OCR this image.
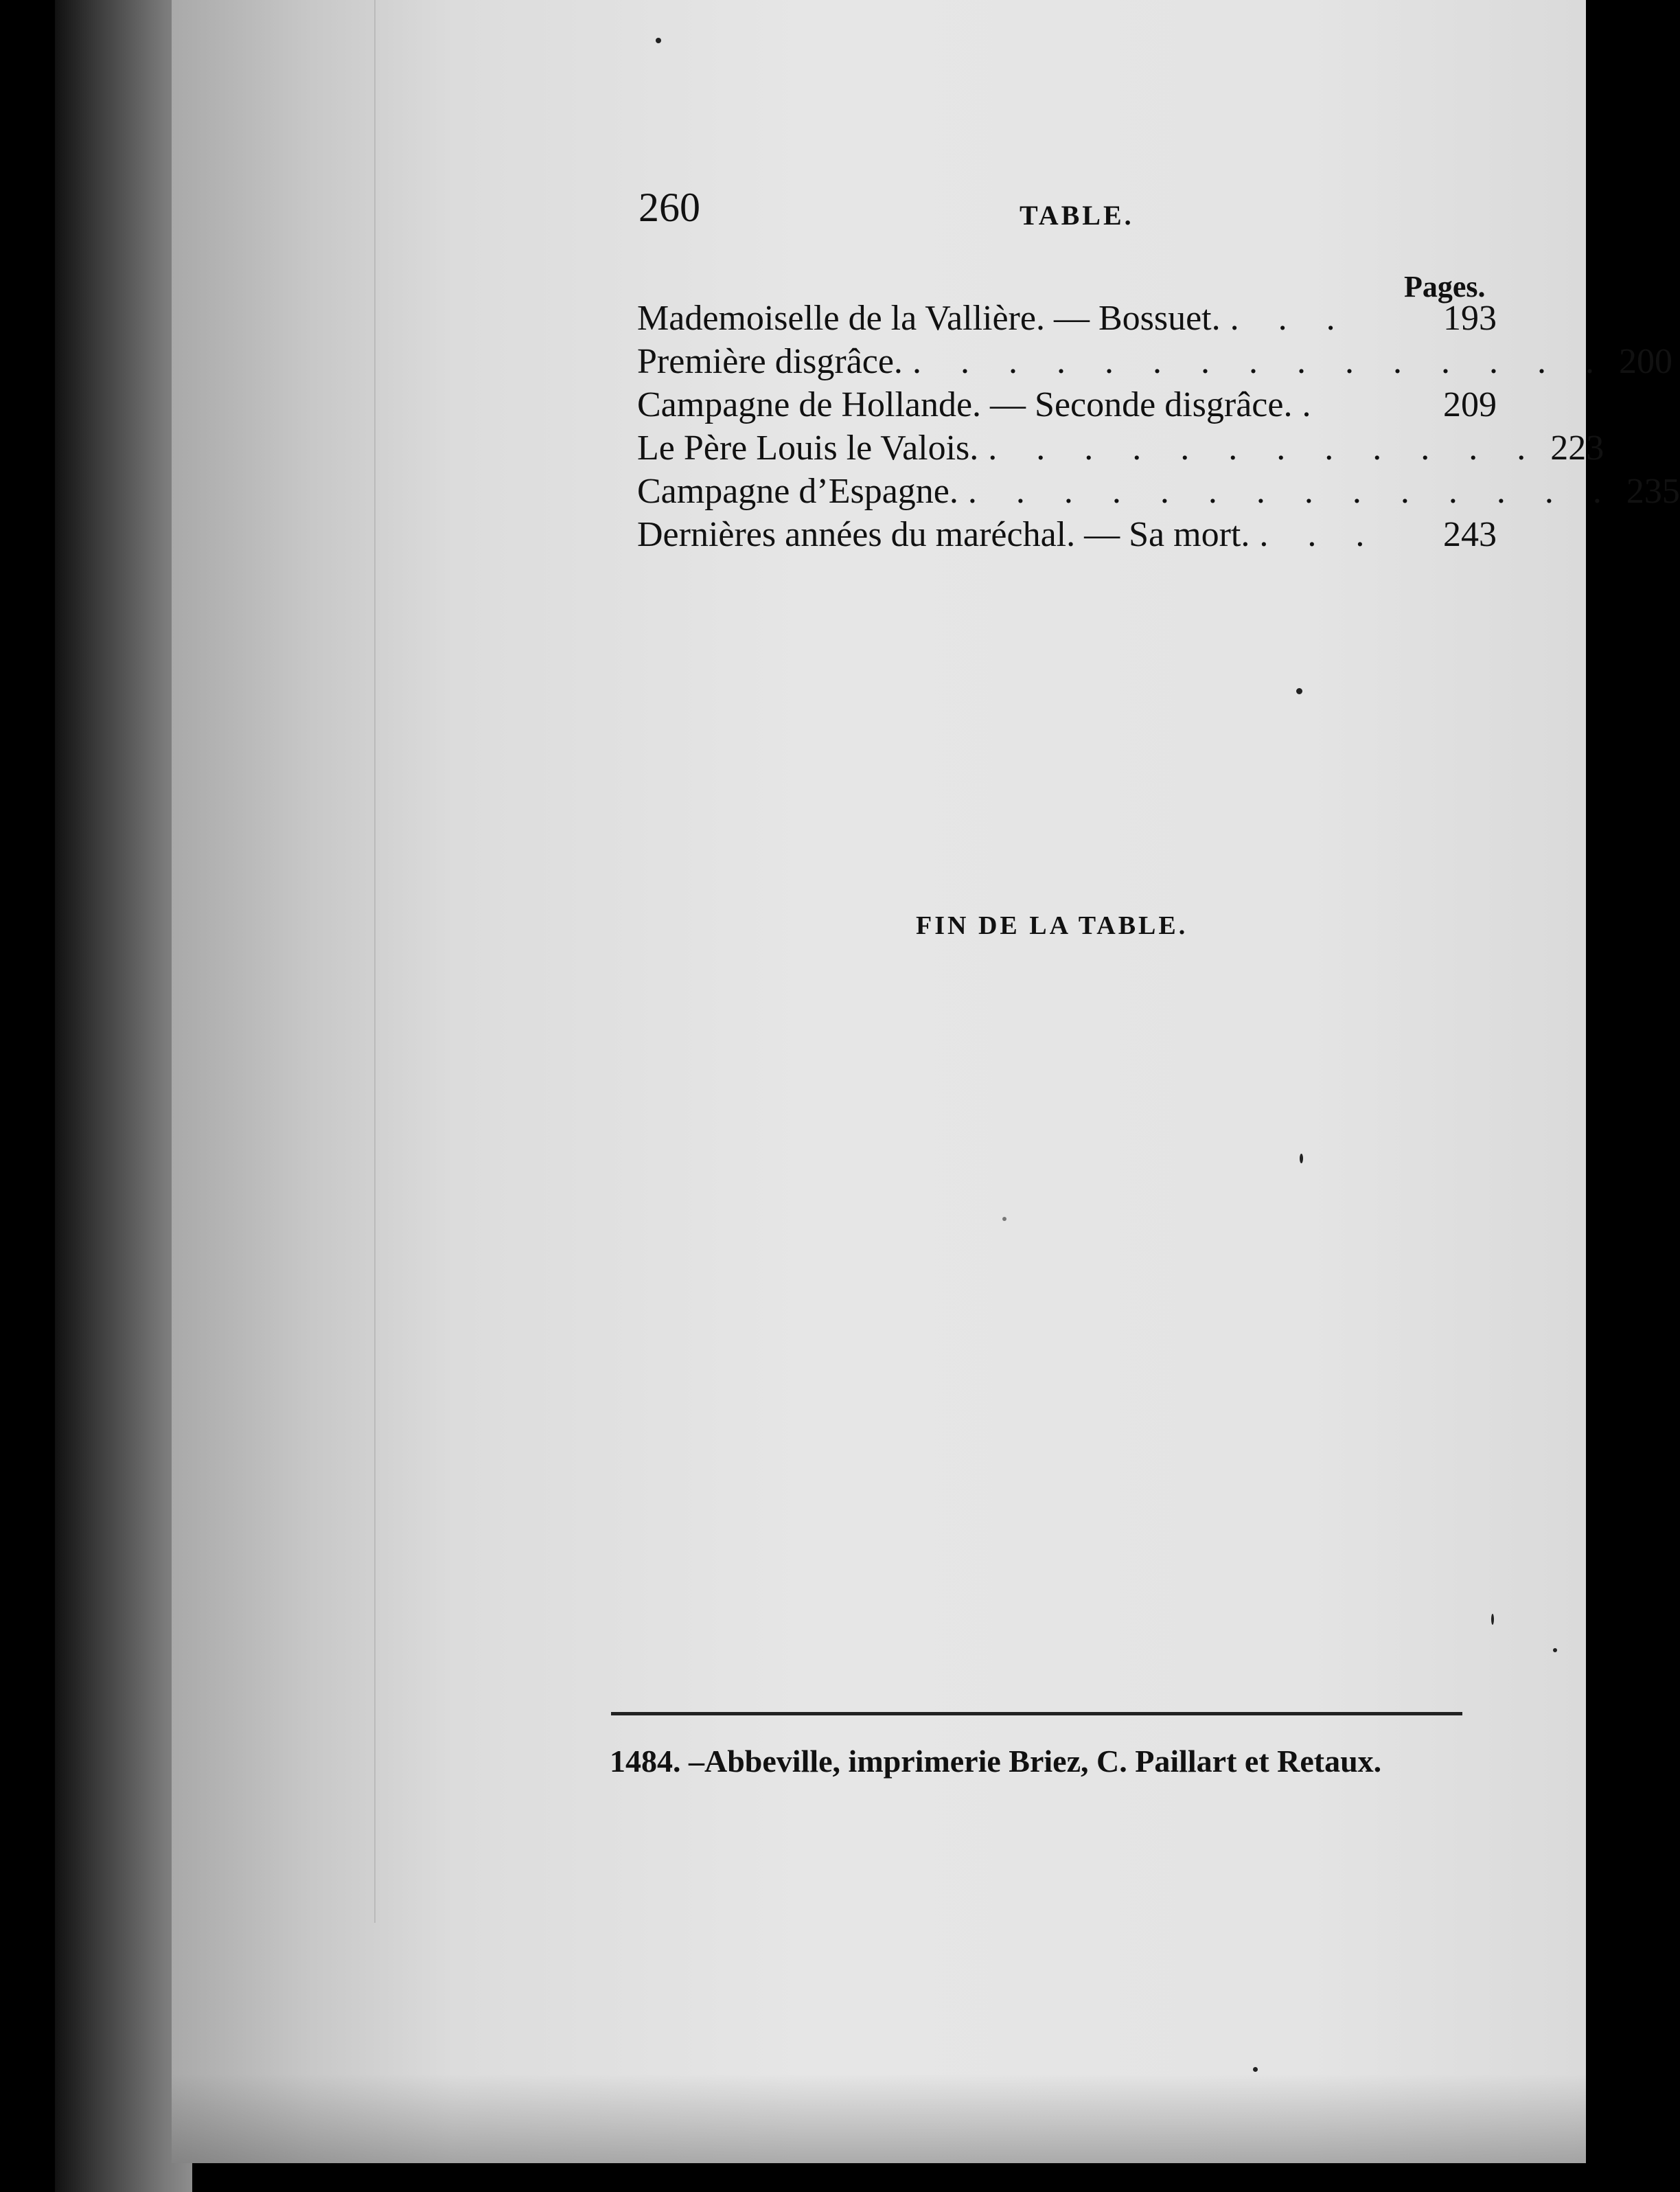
260	TABLE.
Pages.
Mademoiselle de la Vallière. — Bossuet. . . .	193
Première disgrâce. . . . . . . . . . . . . . . . 200
Campagne de Hollande. — Seconde disgrâce. .	209
Le Père Louis le Valois. . . . . . . . . . . . . 223
Campagne d’Espagne. . . . . . . . . . . . . . . 235
Dernières années du maréchal. — Sa mort. . . .	243
FIN DE LA TABLE.
1484. –Abbeville, imprimerie Briez, C. Paillart et Retaux.
